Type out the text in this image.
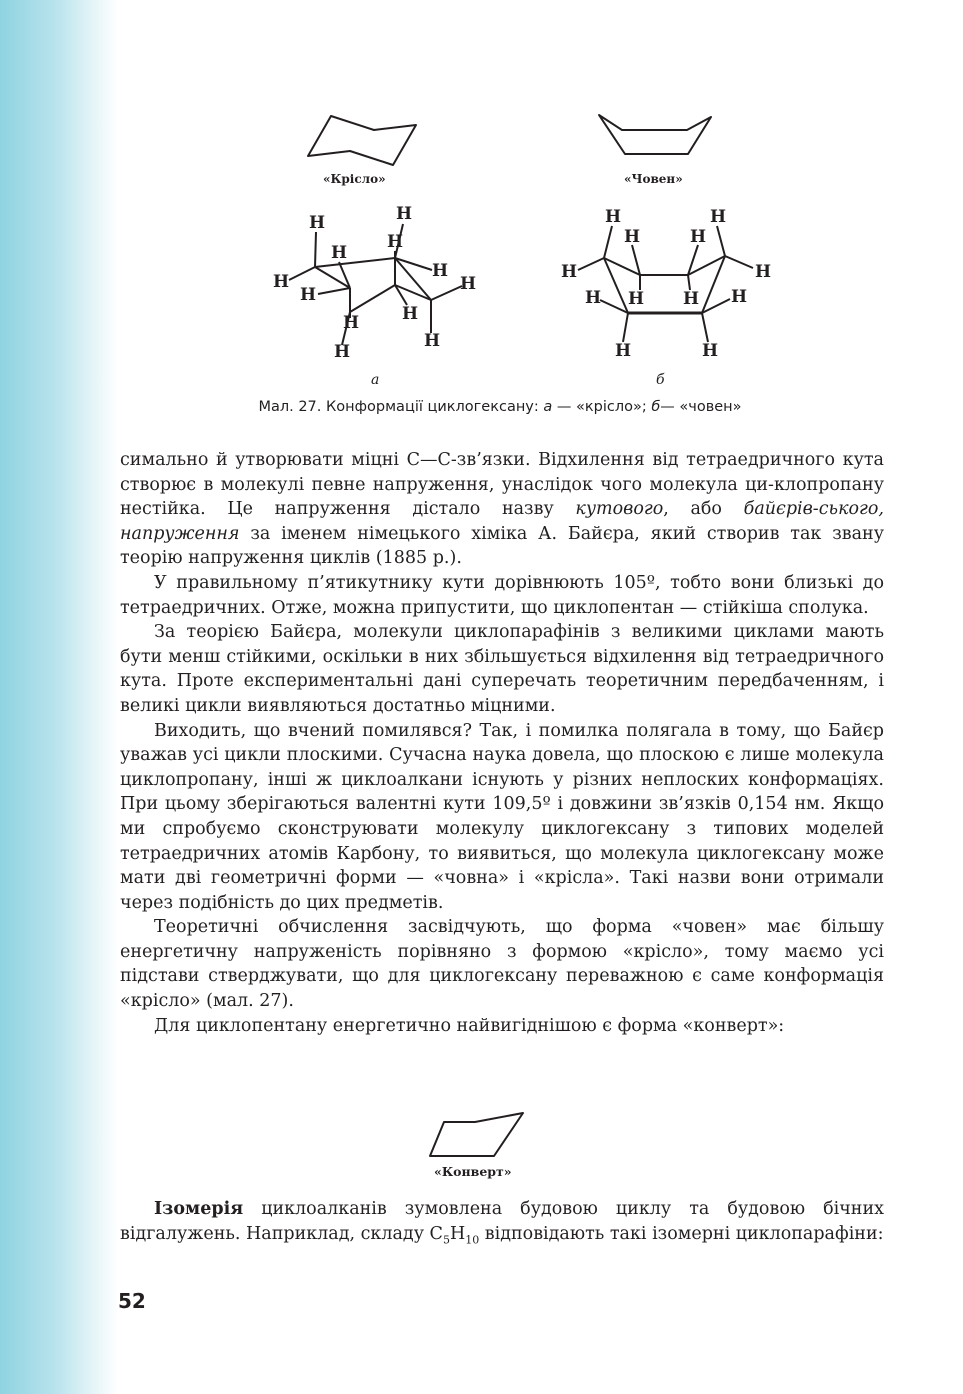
«Крісло»	«Човен»
H	H
H
H
H
H
H
H
H	H
H
H
H	H
H	H
H	H
H	H
H H
H	H
а	б
Мал. 27. Конформації циклогексану: а — «крісло»; б— «човен»

симально й утворювати міцні С—С-зв’язки. Відхилення від тетраедричного кута створює в молекулі певне напруження, унаслідок чого молекула ци-клопропану нестійка. Це напруження дістало назву кутового, або байєрів-ського, напруження за іменем німецького хіміка А. Байєра, який створив так звану теорію напруження циклів (1885 р.).

У правильному п’ятикутнику кути дорівнюють 105º, тобто вони близькі до тетраедричних. Отже, можна припустити, що циклопентан — стійкіша сполука.

За теорією Байєра, молекули циклопарафінів з великими циклами мають бути менш стійкими, оскільки в них збільшується відхилення від тетраедричного кута. Проте експериментальні дані суперечать теоретичним передбаченням, і великі цикли виявляються достатньо міцними.

Виходить, що вчений помилявся? Так, і помилка полягала в тому, що Байєр уважав усі цикли плоскими. Сучасна наука довела, що плоскою є лише молекула циклопропану, інші ж циклоалкани існують у різних неплоских конформаціях. При цьому зберігаються валентні кути 109,5º і довжини зв’язків 0,154 нм. Якщо ми спробуємо сконструювати молекулу циклогексану з типових моделей тетраедричних атомів Карбону, то виявиться, що молекула циклогексану може мати дві геометричні форми — «човна» і «крісла». Такі назви вони отримали через подібність до цих предметів.

Теоретичні обчислення засвідчують, що форма «човен» має більшу енергетичну напруженість порівняно з формою «крісло», тому маємо усі підстави стверджувати, що для циклогексану переважною є саме конформація «крісло» (мал. 27).

Для циклопентану енергетично найвигіднішою є форма «конверт»:

«Конверт»

Ізомерія циклоалканів зумовлена будовою циклу та будовою бічних відгалужень. Наприклад, складу $C_5H_{10}$ відповідають такі ізомерні циклопарафіни:

52
